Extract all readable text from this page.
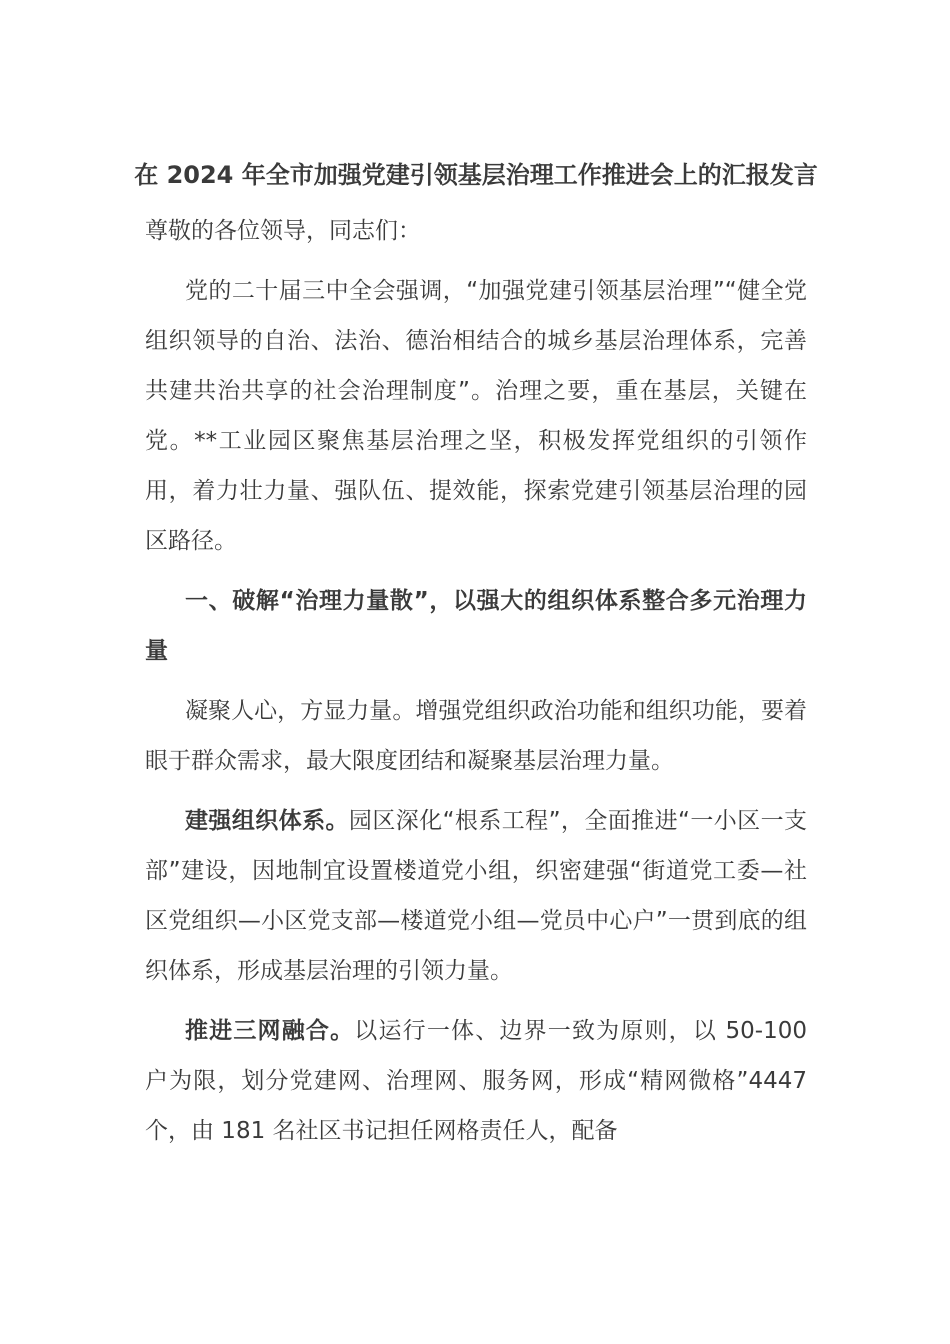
在 2024 年全市加强党建引领基层治理工作推进会上的汇报发言

尊敬的各位领导，同志们：

党的二十届三中全会强调，“加强党建引领基层治理”“健全党组织领导的自治、法治、德治相结合的城乡基层治理体系，完善共建共治共享的社会治理制度”。治理之要，重在基层，关键在党。**工业园区聚焦基层治理之坚，积极发挥党组织的引领作用，着力壮力量、强队伍、提效能，探索党建引领基层治理的园区路径。

一、破解“治理力量散”，以强大的组织体系整合多元治理力量

凝聚人心，方显力量。增强党组织政治功能和组织功能，要着眼于群众需求，最大限度团结和凝聚基层治理力量。

建强组织体系。园区深化“根系工程”，全面推进“一小区一支部”建设，因地制宜设置楼道党小组，织密建强“街道党工委—社区党组织—小区党支部—楼道党小组—党员中心户”一贯到底的组织体系，形成基层治理的引领力量。

推进三网融合。以运行一体、边界一致为原则，以 50-100 户为限，划分党建网、治理网、服务网，形成“精网微格”4447 个，由 181 名社区书记担任网格责任人，配备
